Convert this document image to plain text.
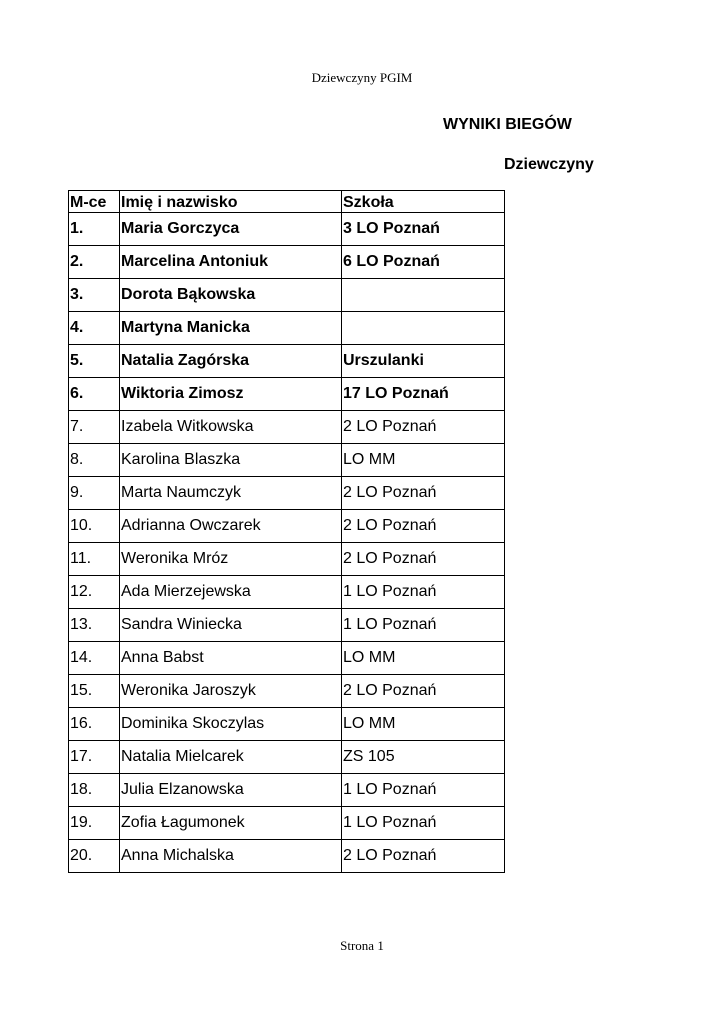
Dziewczyny PGIM
WYNIKI BIEGÓW
Dziewczyny
M-ce	Imię i nazwisko	Szkoła
1.	Maria Gorczyca	3 LO Poznań
2.	Marcelina Antoniuk	6 LO Poznań
3.	Dorota Bąkowska	
4.	Martyna Manicka	
5.	Natalia Zagórska	Urszulanki
6.	Wiktoria Zimosz	17 LO Poznań
7.	Izabela Witkowska	2 LO Poznań
8.	Karolina Blaszka	LO MM
9.	Marta Naumczyk	2 LO Poznań
10.	Adrianna Owczarek	2 LO Poznań
11.	Weronika Mróz	2 LO Poznań
12.	Ada Mierzejewska	1 LO Poznań
13.	Sandra Winiecka	1 LO Poznań
14.	Anna Babst	LO MM
15.	Weronika Jaroszyk	2 LO Poznań
16.	Dominika Skoczylas	LO MM
17.	Natalia Mielcarek	ZS 105
18.	Julia Elzanowska	1 LO Poznań
19.	Zofia Łagumonek	1 LO Poznań
20.	Anna Michalska	2 LO Poznań
Strona 1
